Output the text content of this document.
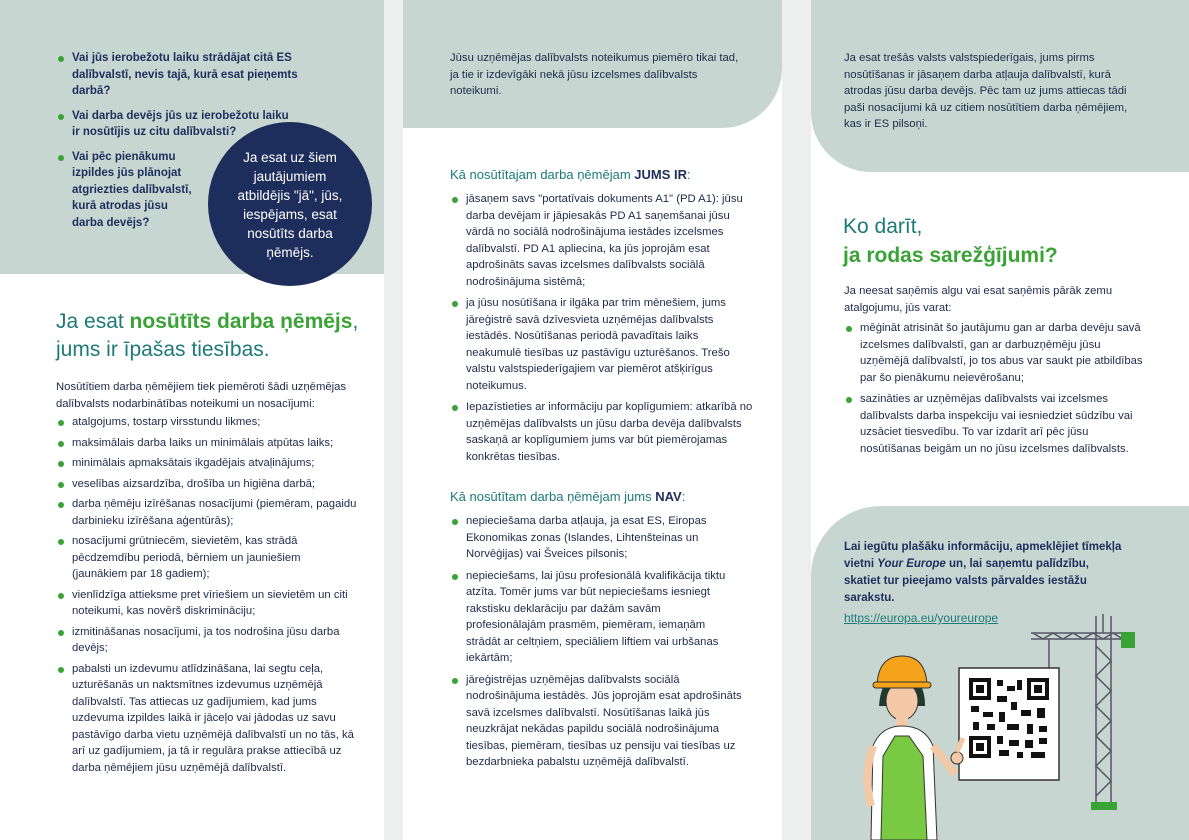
Vai jūs ierobežotu laiku strādājat citā ES dalībvalstī, nevis tajā, kurā esat pieņemts darbā?
Vai darba devējs jūs uz ierobežotu laiku ir nosūtījis uz citu dalībvalsti?
Vai pēc pienākumu izpildes jūs plānojat atgriezties dalībvalstī, kurā atrodas jūsu darba devējs?
Ja esat uz šiem jautājumiem atbildējis "jā", jūs, iespējams, esat nosūtīts darba ņēmējs.
Ja esat nosūtīts darba ņēmējs, jums ir īpašas tiesības.
Nosūtītiem darba ņēmējiem tiek piemēroti šādi uzņēmējas dalībvalsts nodarbinātības noteikumi un nosacījumi:
atalgojums, tostarp virsstundu likmes;
maksimālais darba laiks un minimālais atpūtas laiks;
minimālais apmaksātais ikgadējais atvaļinājums;
veselības aizsardzība, drošība un higiēna darbā;
darba ņēmēju izīrēšanas nosacījumi (piemēram, pagaidu darbinieku izīrēšana aģentūrās);
nosacījumi grūtniecēm, sievietēm, kas strādā pēcdzemdību periodā, bērniem un jauniešiem (jaunākiem par 18 gadiem);
vienlīdzīga attieksme pret vīriešiem un sievietēm un citi noteikumi, kas novērš diskrimināciju;
izmitināšanas nosacījumi, ja tos nodrošina jūsu darba devējs;
pabalsti un izdevumu atlīdzināšana, lai segtu ceļa, uzturēšanās un naktsmītnes izdevumus uzņēmējā dalībvalstī. Tas attiecas uz gadījumiem, kad jums uzdevuma izpildes laikā ir jāceļo vai jādodas uz savu pastāvīgo darba vietu uzņēmējā dalībvalstī un no tās, kā arī uz gadījumiem, ja tā ir regulāra prakse attiecībā uz darba ņēmējiem jūsu uzņēmējā dalībvalstī.
Jūsu uzņēmējas dalībvalsts noteikumus piemēro tikai tad, ja tie ir izdevīgāki nekā jūsu izcelsmes dalībvalsts noteikumi.
Kā nosūtītajam darba ņēmējam JUMS IR:
jāsaņem savs "portatīvais dokuments A1" (PD A1): jūsu darba devējam ir jāpiesakās PD A1 saņemšanai jūsu vārdā no sociālā nodrošinājuma iestādes izcelsmes dalībvalstī. PD A1 apliecina, ka jūs joprojām esat apdrošināts savas izcelsmes dalībvalsts sociālā nodrošinājuma sistēmā;
ja jūsu nosūtīšana ir ilgāka par trim mēnešiem, jums jāreģistrē savā dzīvesvieta uzņēmējas dalībvalsts iestādēs. Nosūtīšanas periodā pavadītais laiks neakumulē tiesības uz pastāvīgu uzturēšanos. Trešo valstu valstspiederīgajiem var piemērot atšķirīgus noteikumus.
Iepazīstieties ar informāciju par koplīgumiem: atkarībā no uzņēmējas dalībvalsts un jūsu darba devēja dalībvalsts saskaņā ar koplīgumiem jums var būt piemērojamas konkrētas tiesības.
Kā nosūtītam darba ņēmējam jums NAV:
nepieciešama darba atļauja, ja esat ES, Eiropas Ekonomikas zonas (Islandes, Lihtenšteinas un Norvēģijas) vai Šveices pilsonis;
nepieciešams, lai jūsu profesionālā kvalifikācija tiktu atzīta. Tomēr jums var būt nepieciešams iesniegt rakstisku deklarāciju par dažām savām profesionālajām prasmēm, piemēram, iemaņām strādāt ar celtņiem, speciāliem liftiem vai urbšanas iekārtām;
jāreģistrējas uzņēmējas dalībvalsts sociālā nodrošinājuma iestādēs. Jūs joprojām esat apdrošināts savā izcelsmes dalībvalstī. Nosūtīšanas laikā jūs neuzkrājat nekādas papildu sociālā nodrošinājuma tiesības, piemēram, tiesības uz pensiju vai tiesības uz bezdarbnieka pabalstu uzņēmējā dalībvalstī.
Ja esat trešās valsts valstspiederīgais, jums pirms nosūtīšanas ir jāsaņem darba atļauja dalībvalstī, kurā atrodas jūsu darba devējs. Pēc tam uz jums attiecas tādi paši nosacījumi kā uz citiem nosūtītiem darba ņēmējiem, kas ir ES pilsoņi.
Ko darīt,
ja rodas sarežģījumi?
Ja neesat saņēmis algu vai esat saņēmis pārāk zemu atalgojumu, jūs varat:
mēģināt atrisināt šo jautājumu gan ar darba devēju savā izcelsmes dalībvalstī, gan ar darbuzņēmēju jūsu uzņēmējā dalībvalstī, jo tos abus var saukt pie atbildības par šo pienākumu neievērošanu;
sazināties ar uzņēmējas dalībvalsts vai izcelsmes dalībvalsts darba inspekciju vai iesniedziet sūdzību vai uzsāciet tiesvedību. To var izdarīt arī pēc jūsu nosūtīšanas beigām un no jūsu izcelsmes dalībvalsts.
Lai iegūtu plašāku informāciju, apmeklējiet tīmekļa vietni Your Europe un, lai saņemtu palīdzību, skatiet tur pieejamo valsts pārvaldes iestāžu sarakstu.
https://europa.eu/youreurope
